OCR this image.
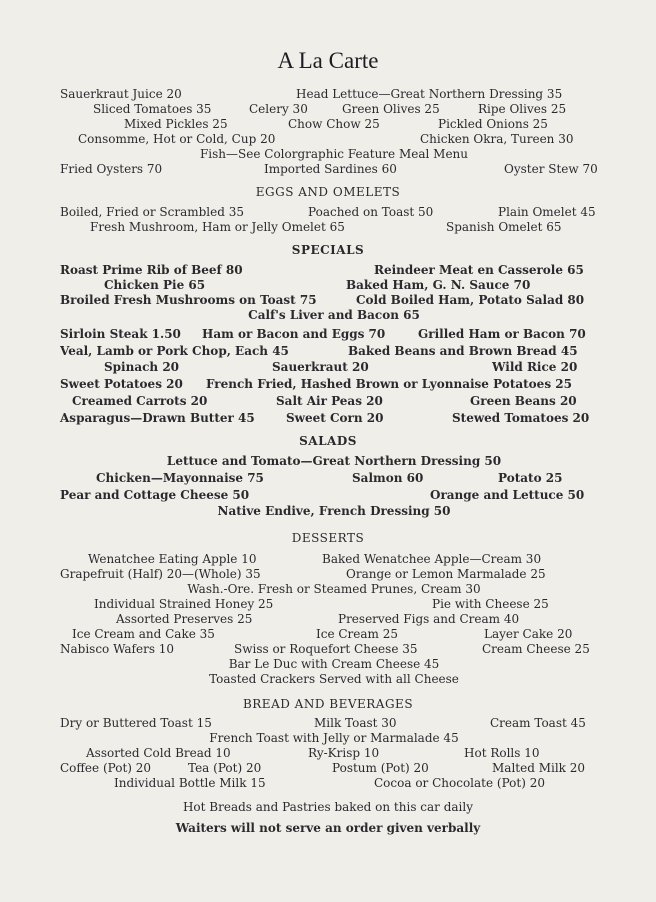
A La Carte
Sauerkraut Juice 20	Head Lettuce—Great Northern Dressing 35
Sliced Tomatoes 35	Celery 30	Green Olives 25	Ripe Olives 25
Mixed Pickles 25	Chow Chow 25	Pickled Onions 25
Consomme, Hot or Cold, Cup 20	Chicken Okra, Tureen 30
Fish—See Colorgraphic Feature Meal Menu
Fried Oysters 70	Imported Sardines 60	Oyster Stew 70
EGGS AND OMELETS
Boiled, Fried or Scrambled 35	Poached on Toast 50	Plain Omelet 45
Fresh Mushroom, Ham or Jelly Omelet 65	Spanish Omelet 65
SPECIALS
Roast Prime Rib of Beef 80	Reindeer Meat en Casserole 65
Chicken Pie 65	Baked Ham, G. N. Sauce 70
Broiled Fresh Mushrooms on Toast 75	Cold Boiled Ham, Potato Salad 80
Calf's Liver and Bacon 65
Sirloin Steak 1.50 Ham or Bacon and Eggs 70	Grilled Ham or Bacon 70
Veal, Lamb or Pork Chop, Each 45	Baked Beans and Brown Bread 45
Spinach 20	Sauerkraut 20	Wild Rice 20
Sweet Potatoes 20 French Fried, Hashed Brown or Lyonnaise Potatoes 25
Creamed Carrots 20	Salt Air Peas 20	Green Beans 20
Asparagus—Drawn Butter 45	Sweet Corn 20	Stewed Tomatoes 20
SALADS
Lettuce and Tomato—Great Northern Dressing 50
Chicken—Mayonnaise 75	Salmon 60	Potato 25
Pear and Cottage Cheese 50	Orange and Lettuce 50
Native Endive, French Dressing 50
DESSERTS
Wenatchee Eating Apple 10	Baked Wenatchee Apple—Cream 30
Grapefruit (Half) 20—(Whole) 35	Orange or Lemon Marmalade 25
Wash.-Ore. Fresh or Steamed Prunes, Cream 30
Individual Strained Honey 25	Pie with Cheese 25
Assorted Preserves 25	Preserved Figs and Cream 40
Ice Cream and Cake 35	Ice Cream 25	Layer Cake 20
Nabisco Wafers 10	Swiss or Roquefort Cheese 35	Cream Cheese 25
Bar Le Duc with Cream Cheese 45
Toasted Crackers Served with all Cheese
BREAD AND BEVERAGES
Dry or Buttered Toast 15	Milk Toast 30	Cream Toast 45
French Toast with Jelly or Marmalade 45
Assorted Cold Bread 10	Ry-Krisp 10	Hot Rolls 10
Coffee (Pot) 20	Tea (Pot) 20	Postum (Pot) 20	Malted Milk 20
Individual Bottle Milk 15	Cocoa or Chocolate (Pot) 20
Hot Breads and Pastries baked on this car daily
Waiters will not serve an order given verbally
